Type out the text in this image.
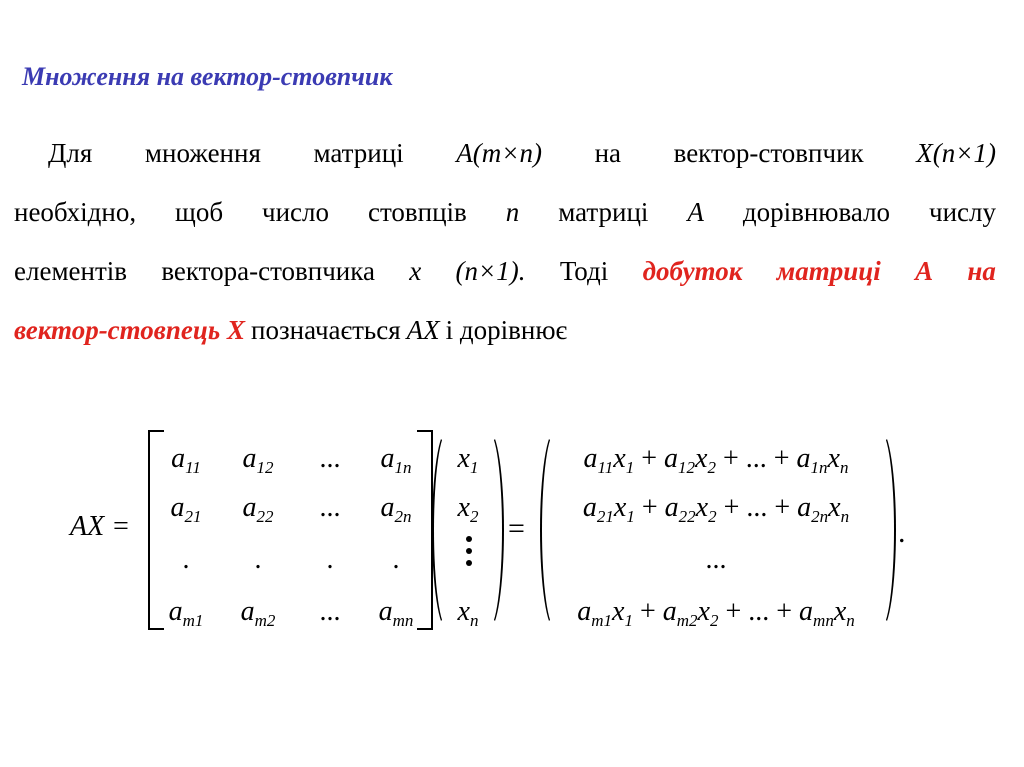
Множення на вектор-стовпчик
Для множення матриці A(m×n) на вектор-стовпчик X(n×1)
необхідно, щоб число стовпців n матриці A дорівнювало числу
елементів вектора-стовпчика x (n×1). Тоді добуток матриці A на
вектор-стовпець X позначається AX і дорівнює
AX =
$a_{11}$	$a_{12}$	...	$a_{1n}$
$a_{21}$	$a_{22}$	...	$a_{2n}$
.	.	.	.
$a_{m1}$ $a_{m2}$	...	$a_{mn}$
$x_1$
$x_2$
$x_n$
=
$a_{11}x_1 + a_{12}x_2$ + ... + $a_{1n}x_n$
$a_{21}x_1 + a_{22}x_2$ + ... + $a_{2n}x_n$
...
$a_{m1}x_1 + a_{m2}x_2$ + ... + $a_{mn}x_n$
.
